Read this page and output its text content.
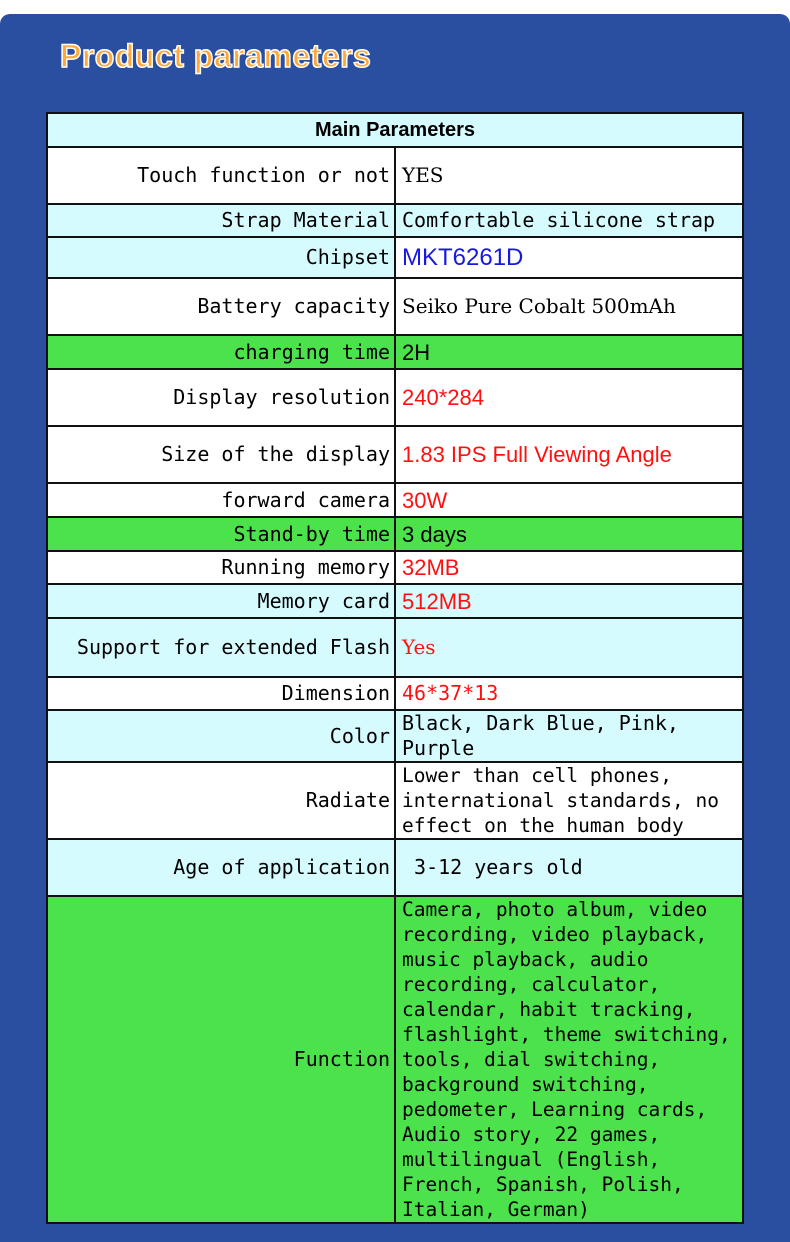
Product parameters
Main Parameters	
Touch function or not	YES
Strap Material	Comfortable silicone strap
Chipset	MKT6261D
Battery capacity	Seiko Pure Cobalt 500mAh
charging time	2H
Display resolution	240*284
Size of the display	1.83 IPS Full Viewing Angle
forward camera	30W
Stand-by time	3 days
Running memory	32MB
Memory card	512MB
Support for extended Flash	Yes
Dimension	46*37*13
Color	Black, Dark Blue, Pink, Purple
Radiate	Lower than cell phones, international standards, no effect on the human body
Age of application	3-12 years old
Function	Camera, photo album, video recording, video playback, music playback, audio recording, calculator, calendar, habit tracking, flashlight, theme switching, tools, dial switching, background switching, pedometer, Learning cards, Audio story, 22 games, multilingual (English, French, Spanish, Polish, Italian, German)
